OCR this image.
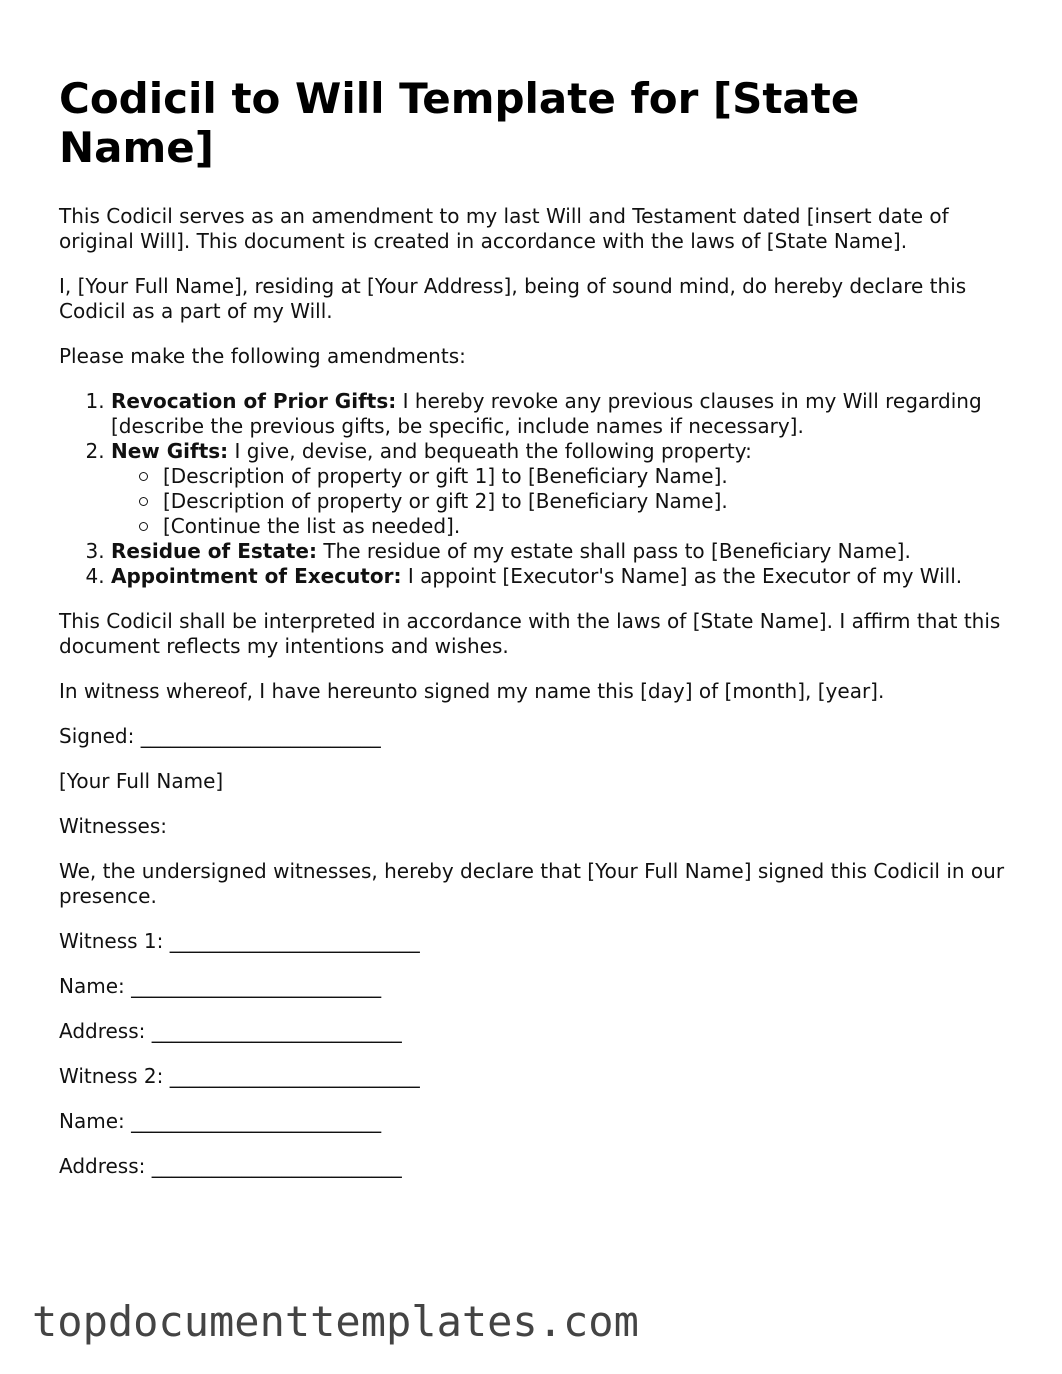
Codicil to Will Template for [State Name]

This Codicil serves as an amendment to my last Will and Testament dated [insert date of original Will]. This document is created in accordance with the laws of [State Name].

I, [Your Full Name], residing at [Your Address], being of sound mind, do hereby declare this Codicil as a part of my Will.

Please make the following amendments:

1. Revocation of Prior Gifts: I hereby revoke any previous clauses in my Will regarding [describe the previous gifts, be specific, include names if necessary].
2. New Gifts: I give, devise, and bequeath the following property:
[Description of property or gift 1] to [Beneficiary Name].
[Description of property or gift 2] to [Beneficiary Name].
[Continue the list as needed].
3. Residue of Estate: The residue of my estate shall pass to [Beneficiary Name].
4. Appointment of Executor: I appoint [Executor's Name] as the Executor of my Will.

This Codicil shall be interpreted in accordance with the laws of [State Name]. I affirm that this document reflects my intentions and wishes.

In witness whereof, I have hereunto signed my name this [day] of [month], [year].

Signed: ________________________

[Your Full Name]

Witnesses:

We, the undersigned witnesses, hereby declare that [Your Full Name] signed this Codicil in our presence.

Witness 1: _________________________

Name: _________________________

Address: _________________________

Witness 2: _________________________

Name: _________________________

Address: _________________________

topdocumenttemplates.com
